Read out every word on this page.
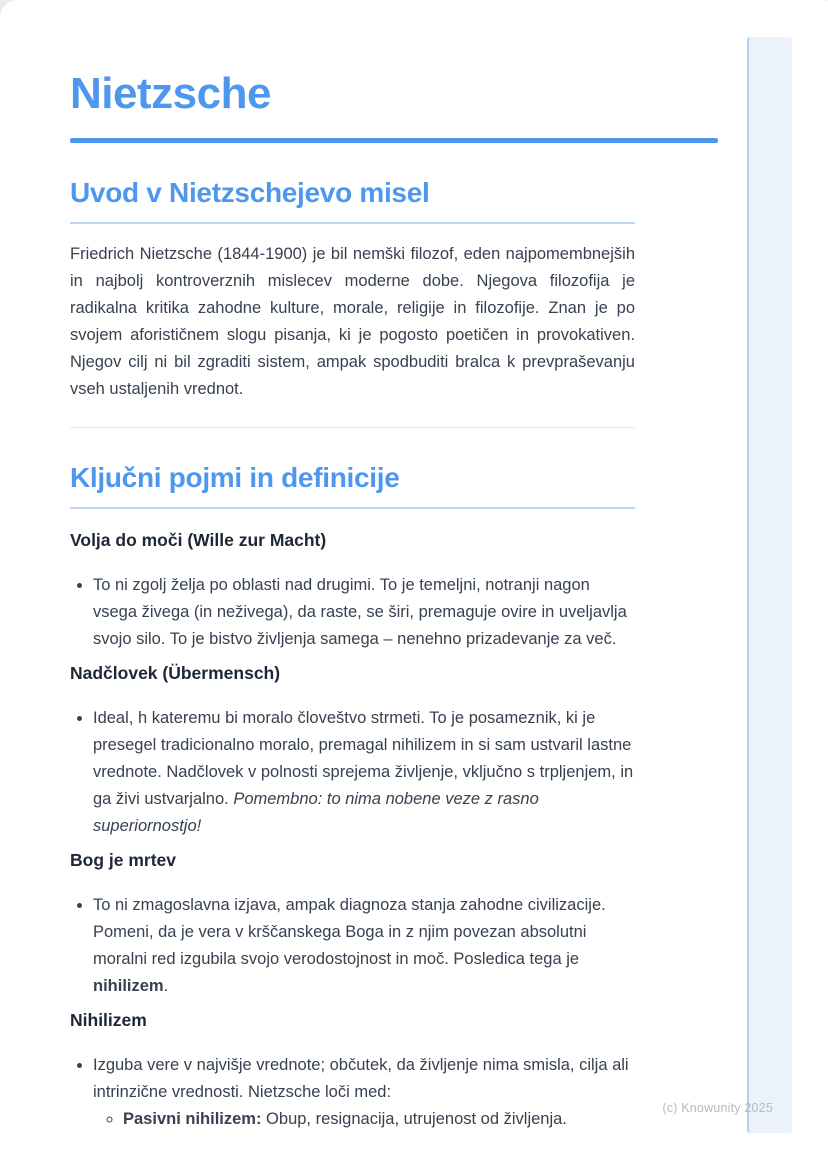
Nietzsche
Uvod v Nietzschejevo misel

Friedrich Nietzsche (1844-1900) je bil nemški filozof, eden najpomembnejših in najbolj kontroverznih mislecev moderne dobe. Njegova filozofija je radikalna kritika zahodne kulture, morale, religije in filozofije. Znan je po svojem aforističnem slogu pisanja, ki je pogosto poetičen in provokativen. Njegov cilj ni bil zgraditi sistem, ampak spodbuditi bralca k prevpraševanju vseh ustaljenih vrednot.

Ključni pojmi in definicije
Volja do moči (Wille zur Macht)
• To ni zgolj želja po oblasti nad drugimi. To je temeljni, notranji nagon vsega živega (in neživega), da raste, se širi, premaguje ovire in uveljavlja svojo silo. To je bistvo življenja samega – nenehno prizadevanje za več.
Nadčlovek (Übermensch)
• Ideal, h kateremu bi moralo človeštvo strmeti. To je posameznik, ki je presegel tradicionalno moralo, premagal nihilizem in si sam ustvaril lastne vrednote. Nadčlovek v polnosti sprejema življenje, vključno s trpljenjem, in ga živi ustvarjalno. Pomembno: to nima nobene veze z rasno superiornostjo!
Bog je mrtev
• To ni zmagoslavna izjava, ampak diagnoza stanja zahodne civilizacije. Pomeni, da je vera v krščanskega Boga in z njim povezan absolutni moralni red izgubila svojo verodostojnost in moč. Posledica tega je nihilizem.
Nihilizem
• Izguba vere v najvišje vrednote; občutek, da življenje nima smisla, cilja ali intrinzične vrednosti. Nietzsche loči med:
◦ Pasivni nihilizem: Obup, resignacija, utrujenost od življenja.
(c) Knowunity 2025
